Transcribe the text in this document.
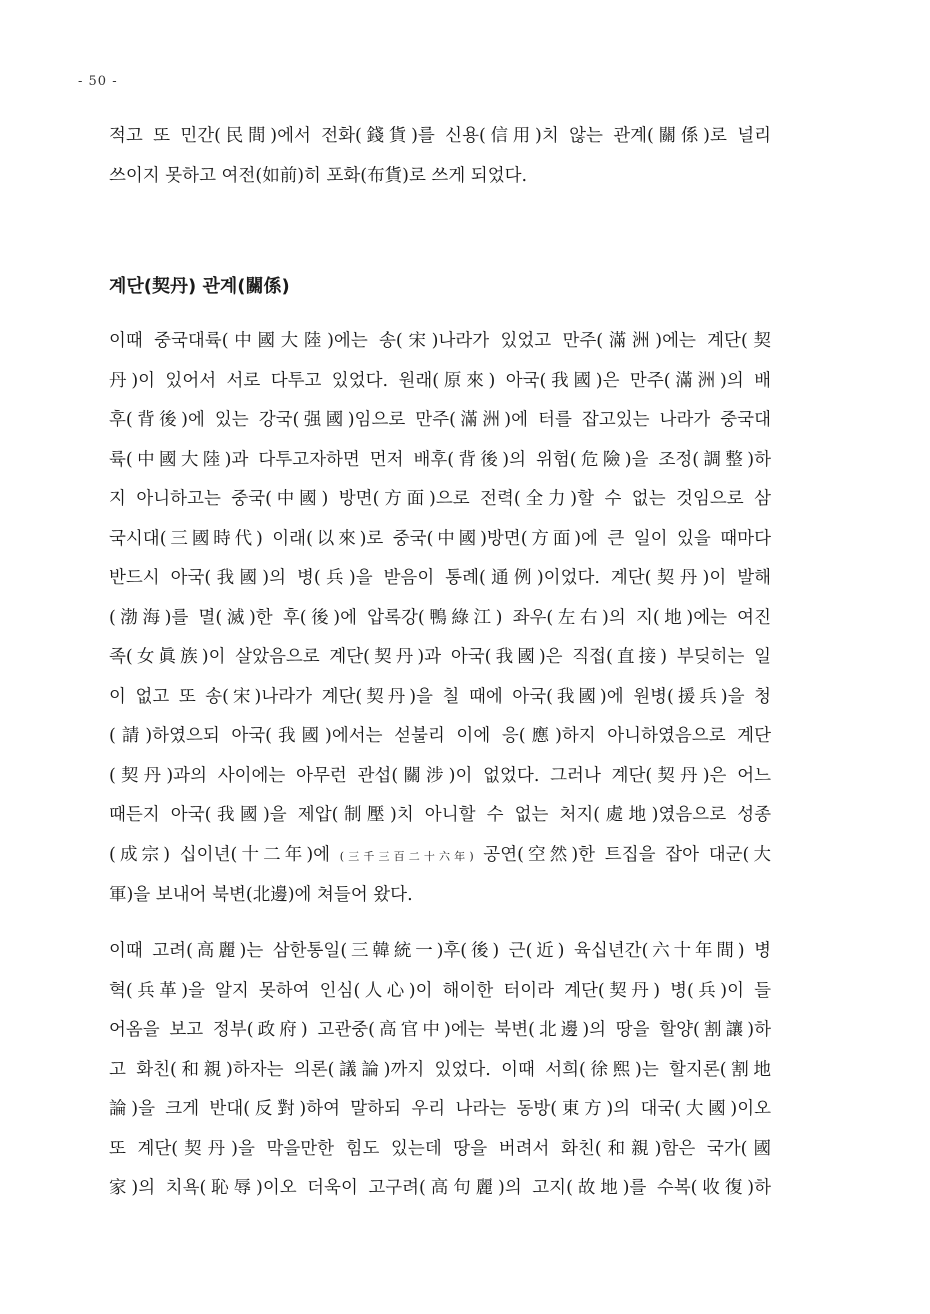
- 50 -
적고 또 민간(民間)에서 전화(錢貨)를 신용(信用)치 않는 관계(關係)로 널리
쓰이지 못하고 여전(如前)히 포화(布貨)로 쓰게 되었다.
계단(契丹) 관계(關係)
이때 중국대륙(中國大陸)에는 송(宋)나라가 있었고 만주(滿洲)에는 계단(契
丹)이 있어서 서로 다투고 있었다. 원래(原來) 아국(我國)은 만주(滿洲)의 배
후(背後)에 있는 강국(强國)임으로 만주(滿洲)에 터를 잡고있는 나라가 중국대
륙(中國大陸)과 다투고자하면 먼저 배후(背後)의 위험(危險)을 조정(調整)하
지 아니하고는 중국(中國) 방면(方面)으로 전력(全力)할 수 없는 것임으로 삼
국시대(三國時代) 이래(以來)로 중국(中國)방면(方面)에 큰 일이 있을 때마다
반드시 아국(我國)의 병(兵)을 받음이 통례(通例)이었다. 계단(契丹)이 발해
(渤海)를 멸(滅)한 후(後)에 압록강(鴨綠江) 좌우(左右)의 지(地)에는 여진
족(女眞族)이 살았음으로 계단(契丹)과 아국(我國)은 직접(直接) 부딪히는 일
이 없고 또 송(宋)나라가 계단(契丹)을 칠 때에 아국(我國)에 원병(援兵)을 청
(請)하였으되 아국(我國)에서는 섣불리 이에 응(應)하지 아니하였음으로 계단
(契丹)과의 사이에는 아무런 관섭(關涉)이 없었다. 그러나 계단(契丹)은 어느
때든지 아국(我國)을 제압(制壓)치 아니할 수 없는 처지(處地)였음으로 성종
(成宗) 십이년(十二年)에 (三千三百二十六年) 공연(空然)한 트집을 잡아 대군(大
軍)을 보내어 북변(北邊)에 쳐들어 왔다.
이때 고려(高麗)는 삼한통일(三韓統一)후(後) 근(近) 육십년간(六十年間) 병
혁(兵革)을 알지 못하여 인심(人心)이 해이한 터이라 계단(契丹) 병(兵)이 들
어옴을 보고 정부(政府) 고관중(高官中)에는 북변(北邊)의 땅을 할양(割讓)하
고 화친(和親)하자는 의론(議論)까지 있었다. 이때 서희(徐熙)는 할지론(割地
論)을 크게 반대(反對)하여 말하되 우리 나라는 동방(東方)의 대국(大國)이오
또 계단(契丹)을 막을만한 힘도 있는데 땅을 버려서 화친(和親)함은 국가(國
家)의 치욕(恥辱)이오 더욱이 고구려(高句麗)의 고지(故地)를 수복(收復)하
